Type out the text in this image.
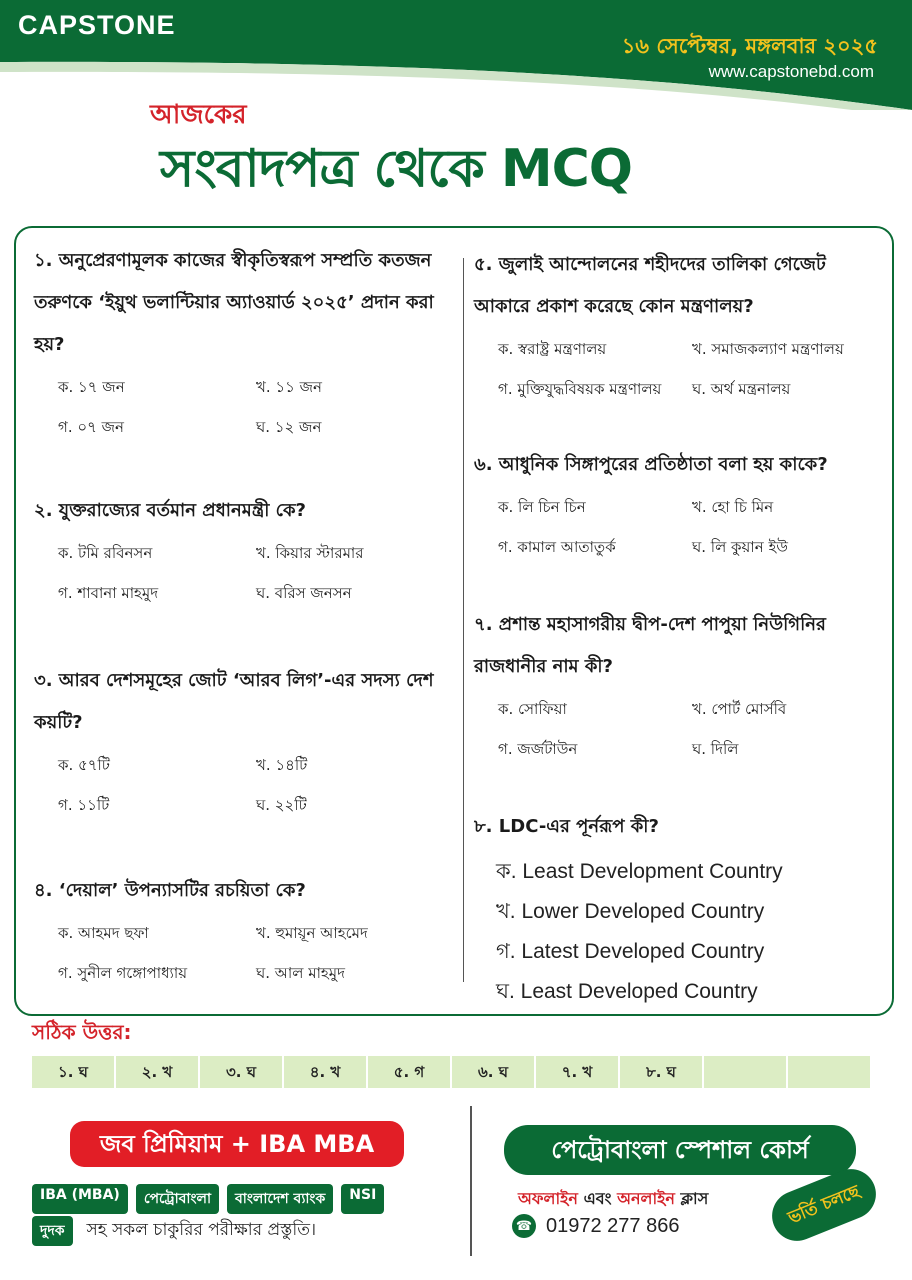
CAPSTONE
১৬ সেপ্টেম্বর, মঙ্গলবার ২০২৫
www.capstonebd.com
আজকের
সংবাদপত্র থেকে MCQ
১. অনুপ্রেরণামূলক কাজের স্বীকৃতিস্বরূপ সম্প্রতি কতজন তরুণকে ‘ইয়ুথ ভলান্টিয়ার অ্যাওয়ার্ড ২০২৫’ প্রদান করা হয়?
ক. ১৭ জন	খ. ১১ জন
গ. ০৭ জন	ঘ. ১২ জন
২. যুক্তরাজ্যের বর্তমান প্রধানমন্ত্রী কে?
ক. টমি রবিনসন	খ. কিয়ার স্টারমার
গ. শাবানা মাহমুদ	ঘ. বরিস জনসন
৩. আরব দেশসমূহের জোট ‘আরব লিগ’-এর সদস্য দেশ কয়টি?
ক. ৫৭টি	খ. ১৪টি
গ. ১১টি	ঘ. ২২টি
৪. ‘দেয়াল’ উপন্যাসটির রচয়িতা কে?
ক. আহমদ ছফা	খ. হুমায়ূন আহমেদ
গ. সুনীল গঙ্গোপাধ্যায়	ঘ. আল মাহমুদ
৫. জুলাই আন্দোলনের শহীদদের তালিকা গেজেট আকারে প্রকাশ করেছে কোন মন্ত্রণালয়?
ক. স্বরাষ্ট্র মন্ত্রণালয়	খ. সমাজকল্যাণ মন্ত্রণালয়
গ. মুক্তিযুদ্ধবিষয়ক মন্ত্রণালয়	ঘ. অর্থ মন্ত্রনালয়
৬. আধুনিক সিঙ্গাপুরের প্রতিষ্ঠাতা বলা হয় কাকে?
ক. লি চিন চিন	খ. হো চি মিন
গ. কামাল আতাতুর্ক	ঘ. লি কুয়ান ইউ
৭. প্রশান্ত মহাসাগরীয় দ্বীপ-দেশ পাপুয়া নিউগিনির রাজধানীর নাম কী?
ক. সোফিয়া	খ. পোর্ট মোর্সবি
গ. জর্জটাউন	ঘ. দিলি
৮. LDC-এর পূর্নরূপ কী?
ক. Least Development Country
খ. Lower Developed Country
গ. Latest Developed Country
ঘ. Least Developed Country
সঠিক উত্তর:
১. ঘ	২. খ	৩. ঘ	৪. খ	৫. গ	৬. ঘ	৭. খ	৮. ঘ
জব প্রিমিয়াম + IBA MBA
IBA (MBA)	পেট্রোবাংলা	বাংলাদেশ ব্যাংক	NSI
দুদক	সহ সকল চাকুরির পরীক্ষার প্রস্তুতি।
পেট্রোবাংলা স্পেশাল কোর্স
অফলাইন এবং অনলাইন ক্লাস
☎ 01972 277 866	ভর্তি চলছে
